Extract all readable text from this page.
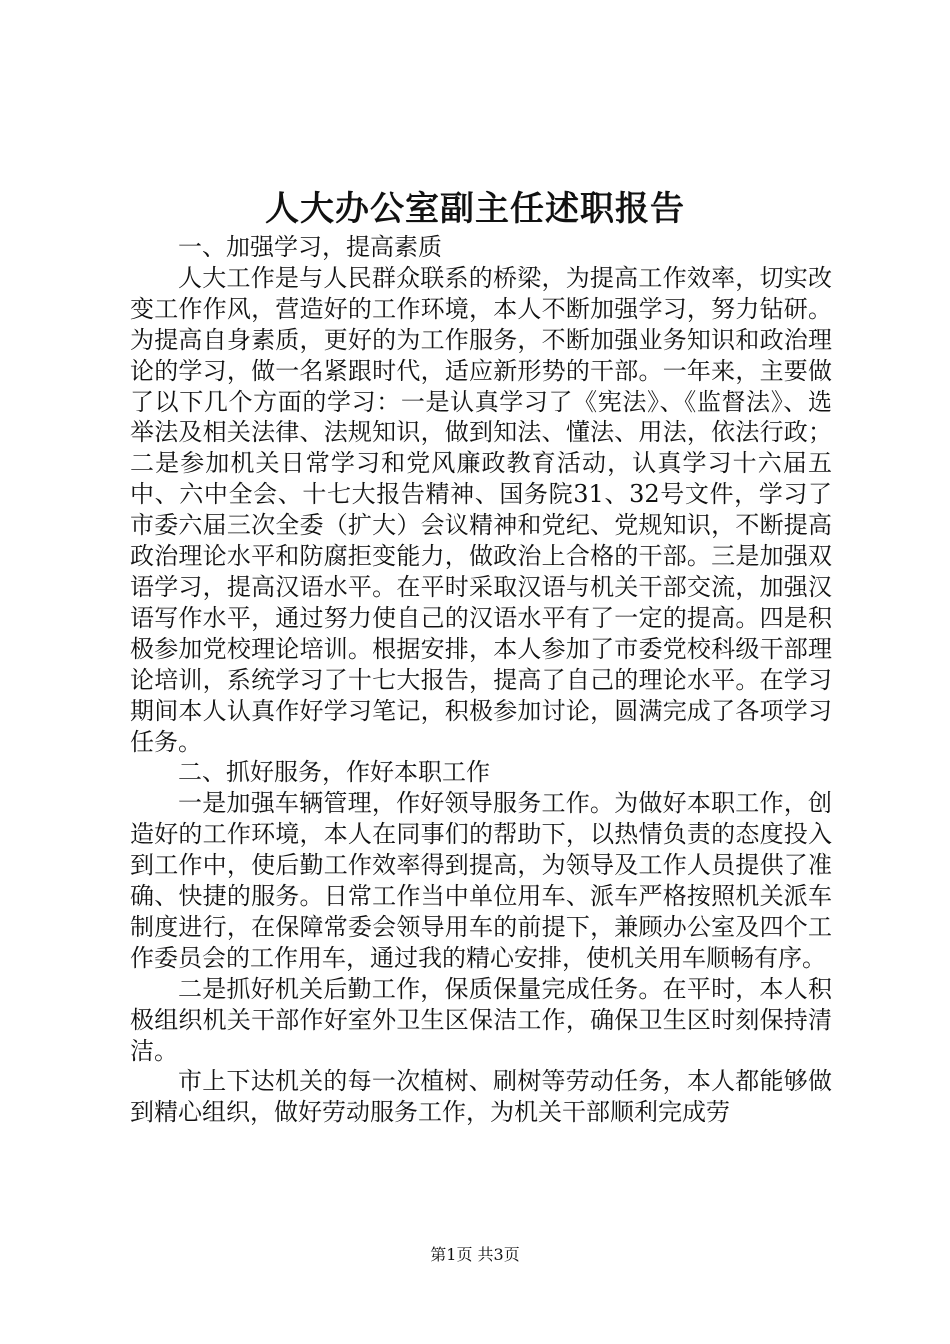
人大办公室副主任述职报告

一、加强学习，提高素质

人大工作是与人民群众联系的桥梁，为提高工作效率，切实改变工作作风，营造好的工作环境，本人不断加强学习，努力钻研。为提高自身素质，更好的为工作服务，不断加强业务知识和政治理论的学习，做一名紧跟时代，适应新形势的干部。一年来，主要做了以下几个方面的学习：一是认真学习了《宪法》、《监督法》、选举法及相关法律、法规知识，做到知法、懂法、用法，依法行政；二是参加机关日常学习和党风廉政教育活动，认真学习十六届五中、六中全会、十七大报告精神、国务院31、32号文件，学习了市委六届三次全委（扩大）会议精神和党纪、党规知识，不断提高政治理论水平和防腐拒变能力，做政治上合格的干部。三是加强双语学习，提高汉语水平。在平时采取汉语与机关干部交流，加强汉语写作水平，通过努力使自己的汉语水平有了一定的提高。四是积极参加党校理论培训。根据安排，本人参加了市委党校科级干部理论培训，系统学习了十七大报告，提高了自己的理论水平。在学习期间本人认真作好学习笔记，积极参加讨论，圆满完成了各项学习任务。

二、抓好服务，作好本职工作

一是加强车辆管理，作好领导服务工作。为做好本职工作，创造好的工作环境，本人在同事们的帮助下，以热情负责的态度投入到工作中，使后勤工作效率得到提高，为领导及工作人员提供了准确、快捷的服务。日常工作当中单位用车、派车严格按照机关派车制度进行，在保障常委会领导用车的前提下，兼顾办公室及四个工作委员会的工作用车，通过我的精心安排，使机关用车顺畅有序。

二是抓好机关后勤工作，保质保量完成任务。在平时，本人积极组织机关干部作好室外卫生区保洁工作，确保卫生区时刻保持清洁。

市上下达机关的每一次植树、刷树等劳动任务，本人都能够做到精心组织，做好劳动服务工作，为机关干部顺利完成劳

第1页 共3页
